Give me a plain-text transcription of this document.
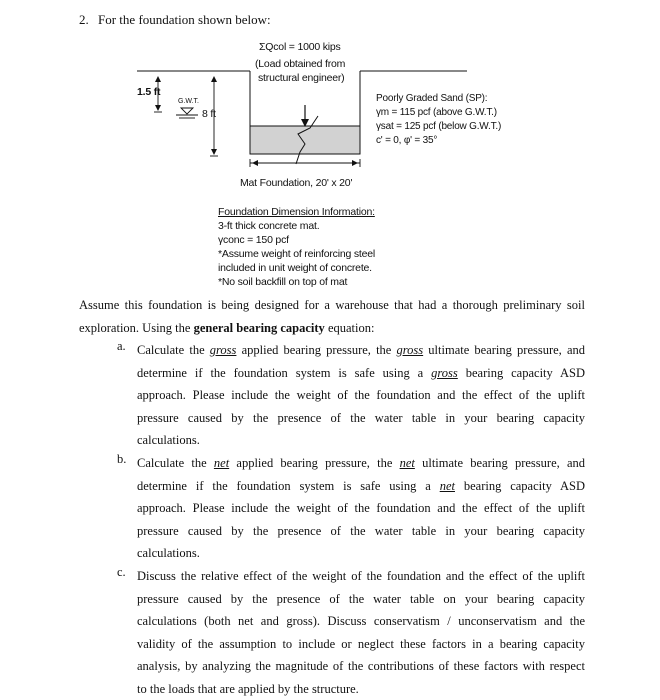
2. For the foundation shown below:
ΣQcol = 1000 kips
(Load obtained from
structural engineer)
1.5 ft
G.W.T.
8 ft
Poorly Graded Sand (SP):
γm = 115 pcf (above G.W.T.)
γsat = 125 pcf (below G.W.T.)
c' = 0, φ' = 35°
Mat Foundation, 20' x 20'
Foundation Dimension Information:
3-ft thick concrete mat.
γconc = 150 pcf
*Assume weight of reinforcing steel
included in unit weight of concrete.
*No soil backfill on top of mat
Assume this foundation is being designed for a warehouse that had a thorough preliminary soil
exploration. Using the general bearing capacity equation:
a. Calculate the gross applied bearing pressure, the gross ultimate bearing pressure, and
determine if the foundation system is safe using a gross bearing capacity ASD
approach. Please include the weight of the foundation and the effect of the uplift
pressure caused by the presence of the water table in your bearing capacity
calculations.
b. Calculate the net applied bearing pressure, the net ultimate bearing pressure, and
determine if the foundation system is safe using a net bearing capacity ASD
approach. Please include the weight of the foundation and the effect of the uplift
pressure caused by the presence of the water table in your bearing capacity
calculations.
c. Discuss the relative effect of the weight of the foundation and the effect of the uplift
pressure caused by the presence of the water table on your bearing capacity
calculations (both net and gross). Discuss conservatism / unconservatism and the
validity of the assumption to include or neglect these factors in a bearing capacity
analysis, by analyzing the magnitude of the contributions of these factors with respect
to the loads that are applied by the structure.
